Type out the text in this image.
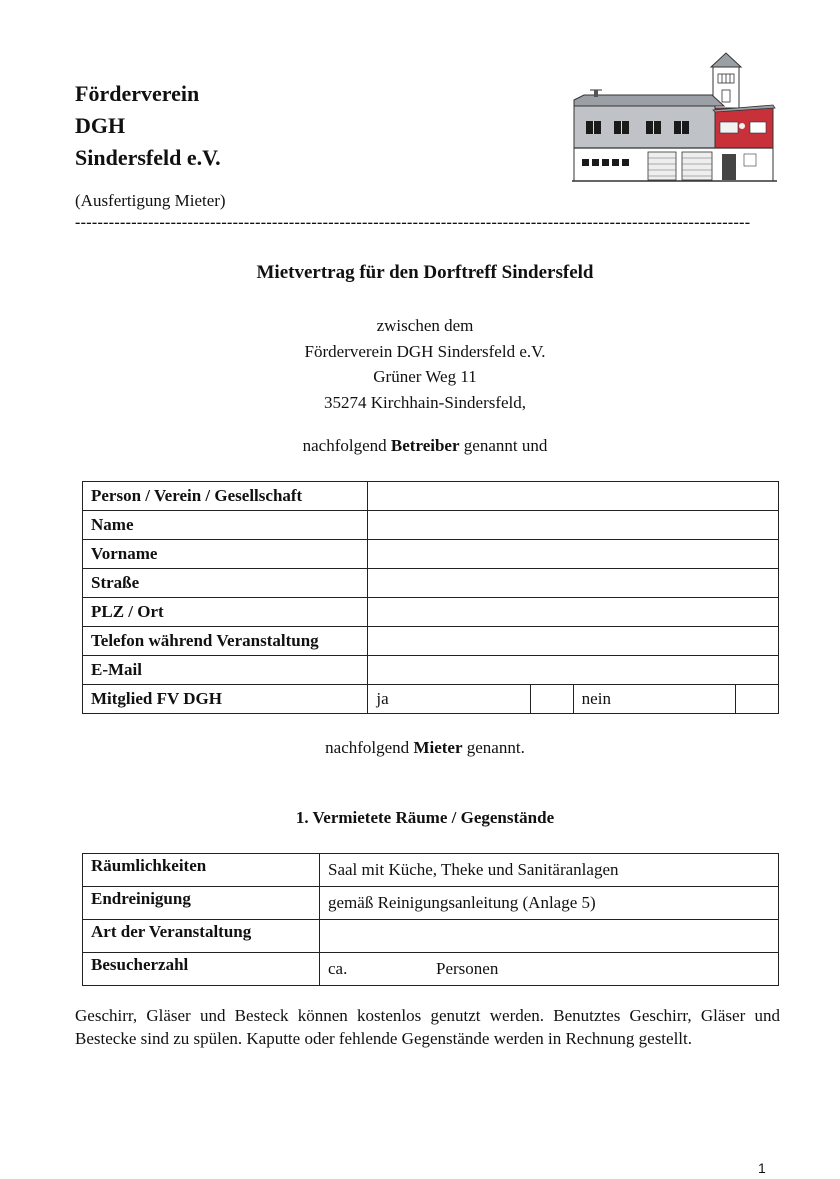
Förderverein
DGH
Sindersfeld e.V.
(Ausfertigung Mieter)
------------------------------------------------------------------------------------------------------------------------
Mietvertrag für den Dorftreff Sindersfeld
zwischen dem
Förderverein DGH Sindersfeld e.V.
Grüner Weg 11
35274 Kirchhain-Sindersfeld,
nachfolgend Betreiber genannt und
Person / Verein / Gesellschaft				
Name				
Vorname				
Straße				
PLZ / Ort				
Telefon während Veranstaltung				
E-Mail				
Mitglied FV DGH	ja		nein	
nachfolgend Mieter genannt.
1. Vermietete Räume / Gegenstände
Räumlichkeiten	Saal mit Küche, Theke und Sanitäranlagen
Endreinigung	gemäß Reinigungsanleitung (Anlage 5)
Art der Veranstaltung	
Besucherzahl	ca. Personen
Geschirr, Gläser und Besteck können kostenlos genutzt werden. Benutztes Geschirr, Gläser und Bestecke sind zu spülen. Kaputte oder fehlende Gegenstände werden in Rechnung gestellt.
1
